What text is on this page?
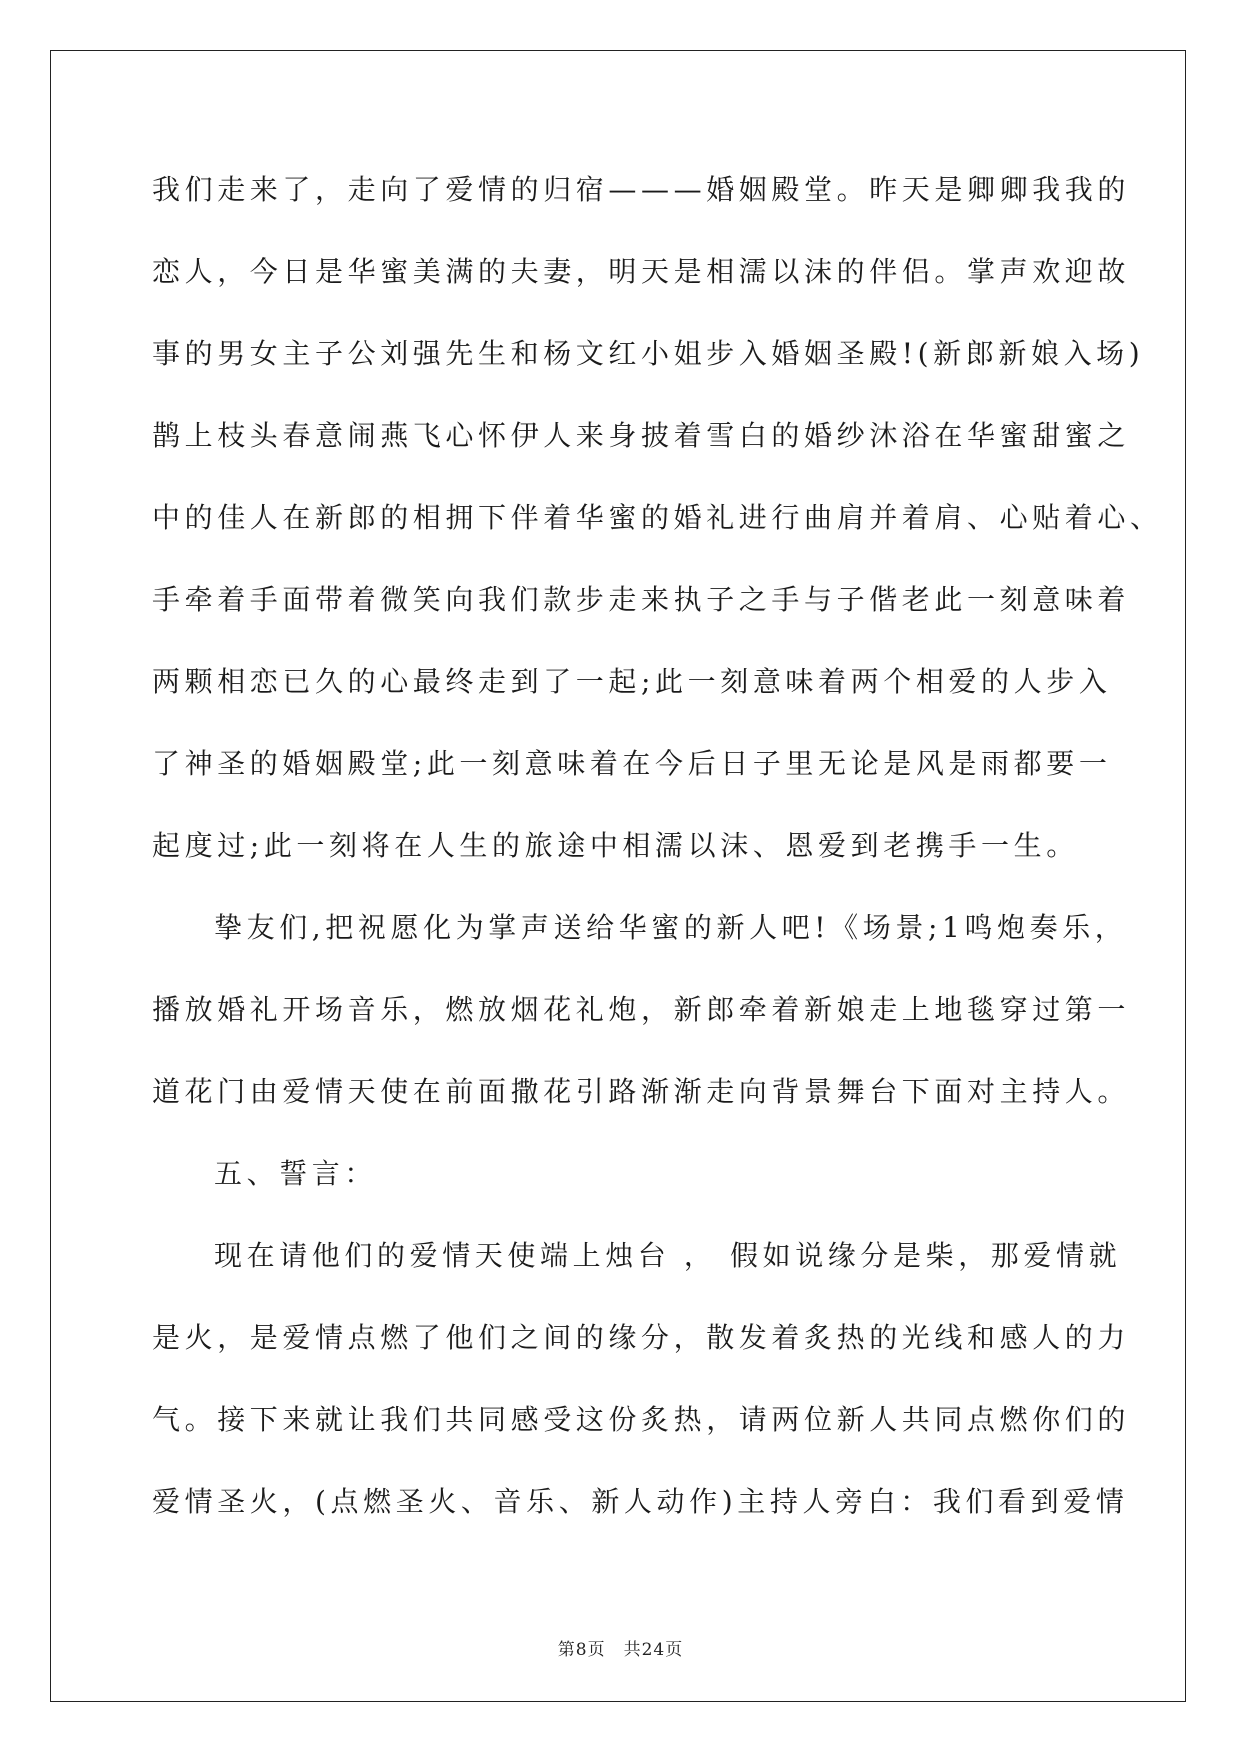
我们走来了，走向了爱情的归宿———婚姻殿堂。昨天是卿卿我我的
恋人，今日是华蜜美满的夫妻，明天是相濡以沫的伴侣。掌声欢迎故
事的男女主子公刘强先生和杨文红小姐步入婚姻圣殿!(新郎新娘入场)
鹊上枝头春意闹燕飞心怀伊人来身披着雪白的婚纱沐浴在华蜜甜蜜之
中的佳人在新郎的相拥下伴着华蜜的婚礼进行曲肩并着肩、心贴着心、
手牵着手面带着微笑向我们款步走来执子之手与子偕老此一刻意味着
两颗相恋已久的心最终走到了一起;此一刻意味着两个相爱的人步入
了神圣的婚姻殿堂;此一刻意味着在今后日子里无论是风是雨都要一
起度过;此一刻将在人生的旅途中相濡以沫、恩爱到老携手一生。
挚友们,把祝愿化为掌声送给华蜜的新人吧!《场景;1鸣炮奏乐，
播放婚礼开场音乐，燃放烟花礼炮，新郎牵着新娘走上地毯穿过第一
道花门由爱情天使在前面撒花引路渐渐走向背景舞台下面对主持人。
五、誓言：
现在请他们的爱情天使端上烛台 ， 假如说缘分是柴，那爱情就
是火，是爱情点燃了他们之间的缘分，散发着炙热的光线和感人的力
气。接下来就让我们共同感受这份炙热，请两位新人共同点燃你们的
爱情圣火，(点燃圣火、音乐、新人动作)主持人旁白：我们看到爱情
第8页 共24页
